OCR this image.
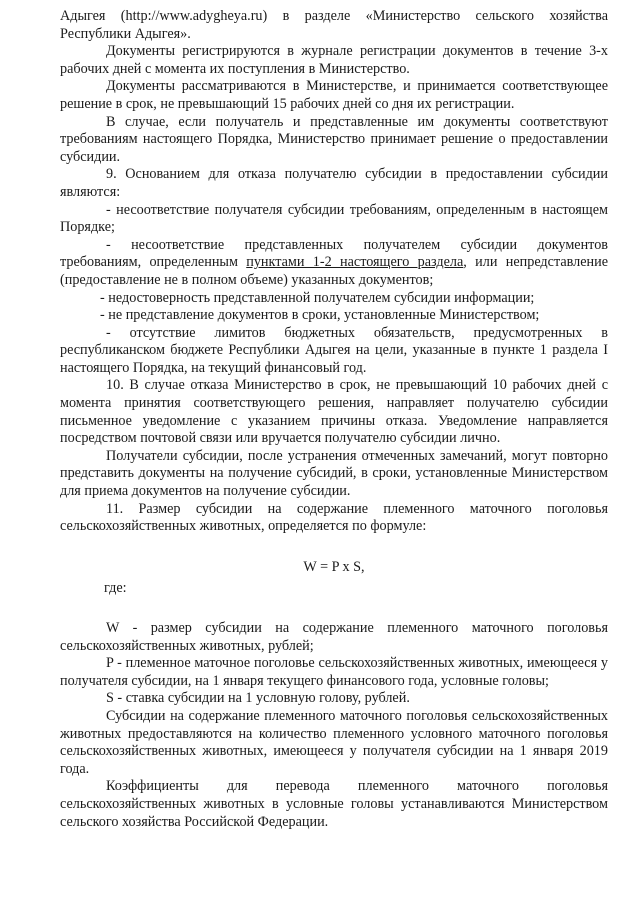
Адыгея (http://www.adygheya.ru) в разделе «Министерство сельского хозяйства Республики Адыгея».

Документы регистрируются в журнале регистрации документов в течение 3-х рабочих дней с момента их поступления в Министерство.

Документы рассматриваются в Министерстве, и принимается соответствующее решение в срок, не превышающий 15 рабочих дней со дня их регистрации.

В случае, если получатель и представленные им документы соответствуют требованиям настоящего Порядка, Министерство принимает решение о предоставлении субсидии.

9. Основанием для отказа получателю субсидии в предоставлении субсидии являются:

- несоответствие получателя субсидии требованиям, определенным в настоящем Порядке;

- несоответствие представленных получателем субсидии документов требованиям, определенным пунктами 1-2 настоящего раздела, или непредставление (предоставление не в полном объеме) указанных документов;

- недостоверность представленной получателем субсидии информации;

- не представление документов в сроки, установленные Министерством;

- отсутствие лимитов бюджетных обязательств, предусмотренных в республиканском бюджете Республики Адыгея на цели, указанные в пункте 1 раздела I настоящего Порядка, на текущий финансовый год.

10. В случае отказа Министерство в срок, не превышающий 10 рабочих дней с момента принятия соответствующего решения, направляет получателю субсидии письменное уведомление с указанием причины отказа. Уведомление направляется посредством почтовой связи или вручается получателю субсидии лично.

Получатели субсидии, после устранения отмеченных замечаний, могут повторно представить документы на получение субсидий, в сроки, установленные Министерством для приема документов на получение субсидии.

11. Размер субсидии на содержание племенного маточного поголовья сельскохозяйственных животных, определяется по формуле:

W = P x S,

где:

W - размер субсидии на содержание племенного маточного поголовья сельскохозяйственных животных, рублей;

P - племенное маточное поголовье сельскохозяйственных животных, имеющееся у получателя субсидии, на 1 января текущего финансового года, условные головы;

S - ставка субсидии на 1 условную голову, рублей.

Субсидии на содержание племенного маточного поголовья сельскохозяйственных животных предоставляются на количество племенного условного маточного поголовья сельскохозяйственных животных, имеющееся у получателя субсидии на 1 января 2019 года.

Коэффициенты для перевода племенного маточного поголовья сельскохозяйственных животных в условные головы устанавливаются Министерством сельского хозяйства Российской Федерации.
